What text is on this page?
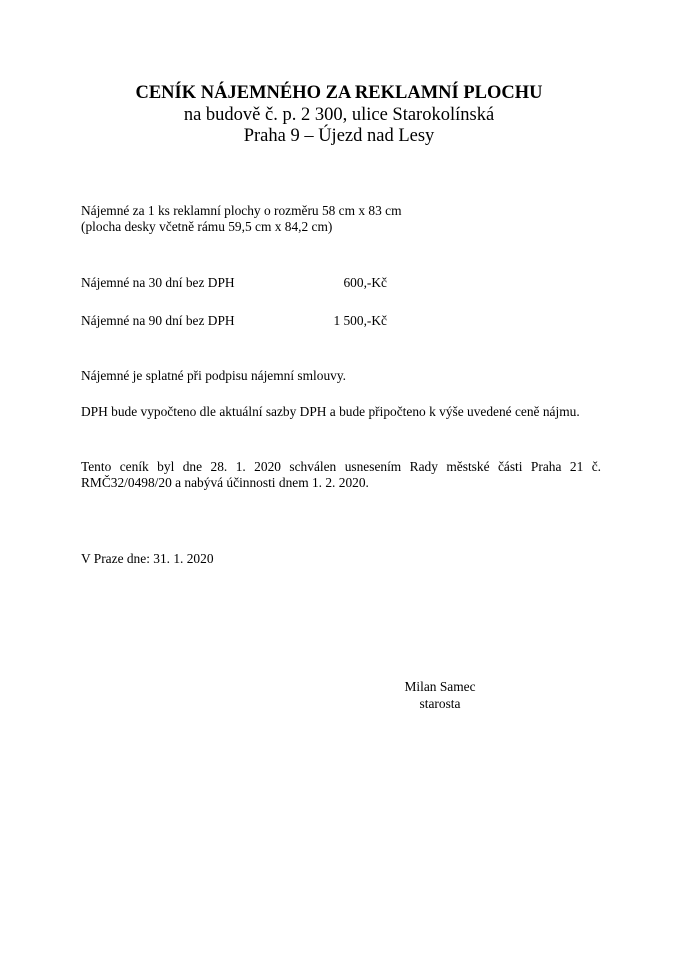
CENÍK NÁJEMNÉHO ZA REKLAMNÍ PLOCHU
na budově č. p. 2 300, ulice Starokolínská
Praha 9 – Újezd nad Lesy
Nájemné za 1 ks reklamní plochy o rozměru 58 cm x 83 cm
(plocha desky včetně rámu 59,5 cm x 84,2 cm)
Nájemné na 30 dní bez DPH	600,-Kč
Nájemné na 90 dní bez DPH	1 500,-Kč
Nájemné je splatné při podpisu nájemní smlouvy.
DPH bude vypočteno dle aktuální sazby DPH a bude připočteno k výše uvedené ceně nájmu.
Tento ceník byl dne 28. 1. 2020 schválen usnesením Rady městské části Praha 21 č. RMČ32/0498/20 a nabývá účinnosti dnem 1. 2. 2020.
V Praze dne: 31. 1. 2020
Milan Samec
starosta
